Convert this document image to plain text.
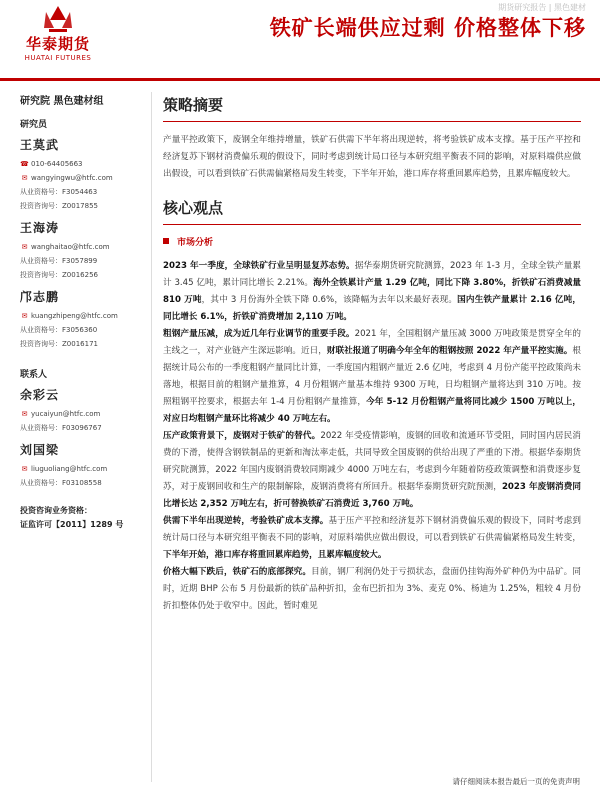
华泰期货
HUATAI FUTURES
期货研究报告 | 黑色建材
铁矿长端供应过剩 价格整体下移
研究院 黑色建材组
研究员
王莫武
☎ 010-64405663
✉ wangyingwu@htfc.com
从业资格号：F3054463
投资咨询号：Z0017855
王海涛
✉ wanghaitao@htfc.com
从业资格号：F3057899
投资咨询号：Z0016256
邝志鹏
✉ kuangzhipeng@htfc.com
从业资格号：F3056360
投资咨询号：Z0016171
联系人
余彩云
✉ yucaiyun@htfc.com
从业资格号：F03096767
刘国梁
✉ liuguoliang@htfc.com
从业资格号：F03108558
投资咨询业务资格：
证监许可【2011】1289 号
策略摘要

产量平控政策下，废钢全年维持增量，铁矿石供需下半年将出现逆转，将考验铁矿成本支撑。基于压产平控和经济复苏下钢材消费偏乐观的假设下，同时考虑到统计局口径与本研究组平衡表不同的影响，对原料端供应做出假设，可以看到铁矿石供需偏紧格局发生转变，下半年开始，港口库存将重回累库趋势，且累库幅度较大。

核心观点
市场分析

2023 年一季度，全球铁矿行业呈明显复苏态势。据华泰期货研究院测算，2023 年 1-3 月，全球全铁产量累计 3.45 亿吨，累计同比增长 2.21%。海外全铁累计产量 1.29 亿吨，同比下降 3.80%，折铁矿石消费减量 810 万吨，其中 3 月份海外全铁下降 0.6%，该降幅为去年以来最好表现。国内生铁产量累计 2.16 亿吨，同比增长 6.1%，折铁矿消费增加 2,110 万吨。

粗钢产量压减，成为近几年行业调节的重要手段。2021 年，全国粗钢产量压减 3000 万吨政策是贯穿全年的主线之一，对产业链产生深远影响。近日，财联社报道了明确今年全年的粗钢按照 2022 年产量平控实施。根据统计局公布的一季度粗钢产量同比计算，一季度国内粗钢产量近 2.6 亿吨，考虑到 4 月份产能平控政策尚未落地，根据目前的粗钢产量推算，4 月份粗钢产量基本维持 9300 万吨，日均粗钢产量将达到 310 万吨。按照粗钢平控要求，根据去年 1-4 月份粗钢产量推算，今年 5-12 月份粗钢产量将同比减少 1500 万吨以上，对应日均粗钢产量环比将减少 40 万吨左右。

压产政策背景下，废钢对于铁矿的替代。2022 年受疫情影响，废钢的回收和流通环节受阻，同时国内居民消费的下滑，使得含钢铁制品的更新和淘汰率走低，共同导致全国废钢的供给出现了严重的下滑。根据华泰期货研究院测算，2022 年国内废钢消费较同期减少 4000 万吨左右，考虑到今年随着防疫政策调整和消费逐步复苏，对于废钢回收和生产的限制解除，废钢消费将有所回升。根据华泰期货研究院预测，2023 年废钢消费同比增长达 2,352 万吨左右，折可替换铁矿石消费近 3,760 万吨。

供需下半年出现逆转，考验铁矿成本支撑。基于压产平控和经济复苏下钢材消费偏乐观的假设下，同时考虑到统计局口径与本研究组平衡表不同的影响，对原料端供应做出假设，可以看到铁矿石供需偏紧格局发生转变，下半年开始，港口库存将重回累库趋势，且累库幅度较大。

价格大幅下跌后，铁矿石的底部探究。目前，钢厂利润仍处于亏损状态，盘面仍挂钩海外矿种仍为中品矿。同时，近期 BHP 公布 5 月份最新的铁矿品种折扣，金布巴折扣为 3%、麦克 0%、杨迪为 1.25%，粗较 4 月份折扣整体仍处于收窄中。因此，暂时难见

请仔细阅读本报告最后一页的免责声明
